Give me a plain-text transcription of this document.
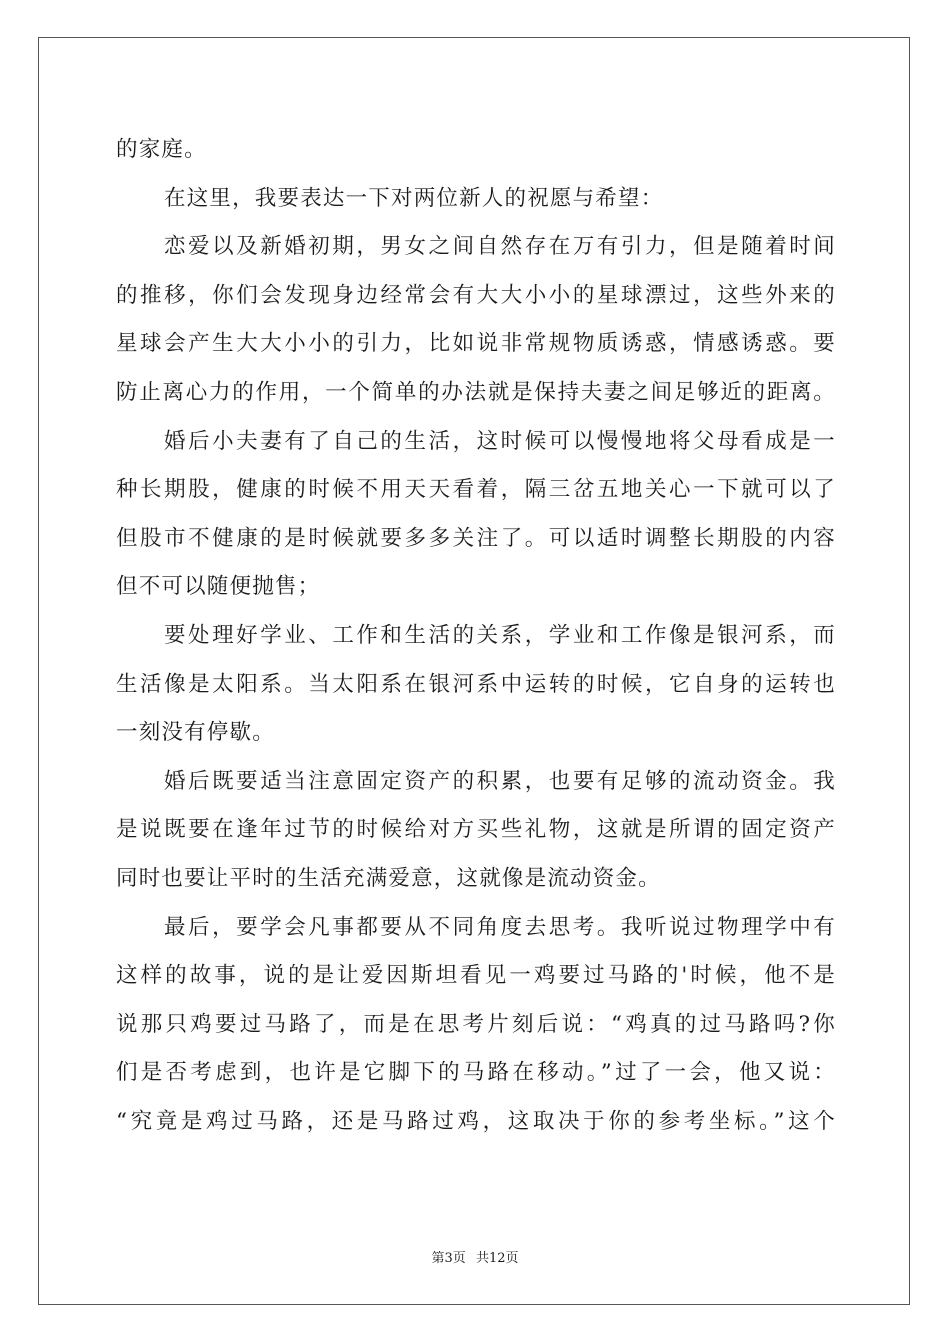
的家庭。
在这里，我要表达一下对两位新人的祝愿与希望：
恋爱以及新婚初期，男女之间自然存在万有引力，但是随着时间
的推移，你们会发现身边经常会有大大小小的星球漂过，这些外来的
星球会产生大大小小的引力，比如说非常规物质诱惑，情感诱惑。要
防止离心力的作用，一个简单的办法就是保持夫妻之间足够近的距离。
婚后小夫妻有了自己的生活，这时候可以慢慢地将父母看成是一
种长期股，健康的时候不用天天看着，隔三岔五地关心一下就可以了
但股市不健康的是时候就要多多关注了。可以适时调整长期股的内容
但不可以随便抛售；
要处理好学业、工作和生活的关系，学业和工作像是银河系，而
生活像是太阳系。当太阳系在银河系中运转的时候，它自身的运转也
一刻没有停歇。
婚后既要适当注意固定资产的积累，也要有足够的流动资金。我
是说既要在逢年过节的时候给对方买些礼物，这就是所谓的固定资产
同时也要让平时的生活充满爱意，这就像是流动资金。
最后，要学会凡事都要从不同角度去思考。我听说过物理学中有
这样的故事，说的是让爱因斯坦看见一鸡要过马路的'时候，他不是
说那只鸡要过马路了，而是在思考片刻后说：“鸡真的过马路吗?你
们是否考虑到，也许是它脚下的马路在移动。”过了一会，他又说：
“究竟是鸡过马路，还是马路过鸡，这取决于你的参考坐标。”这个
第3页 共12页
